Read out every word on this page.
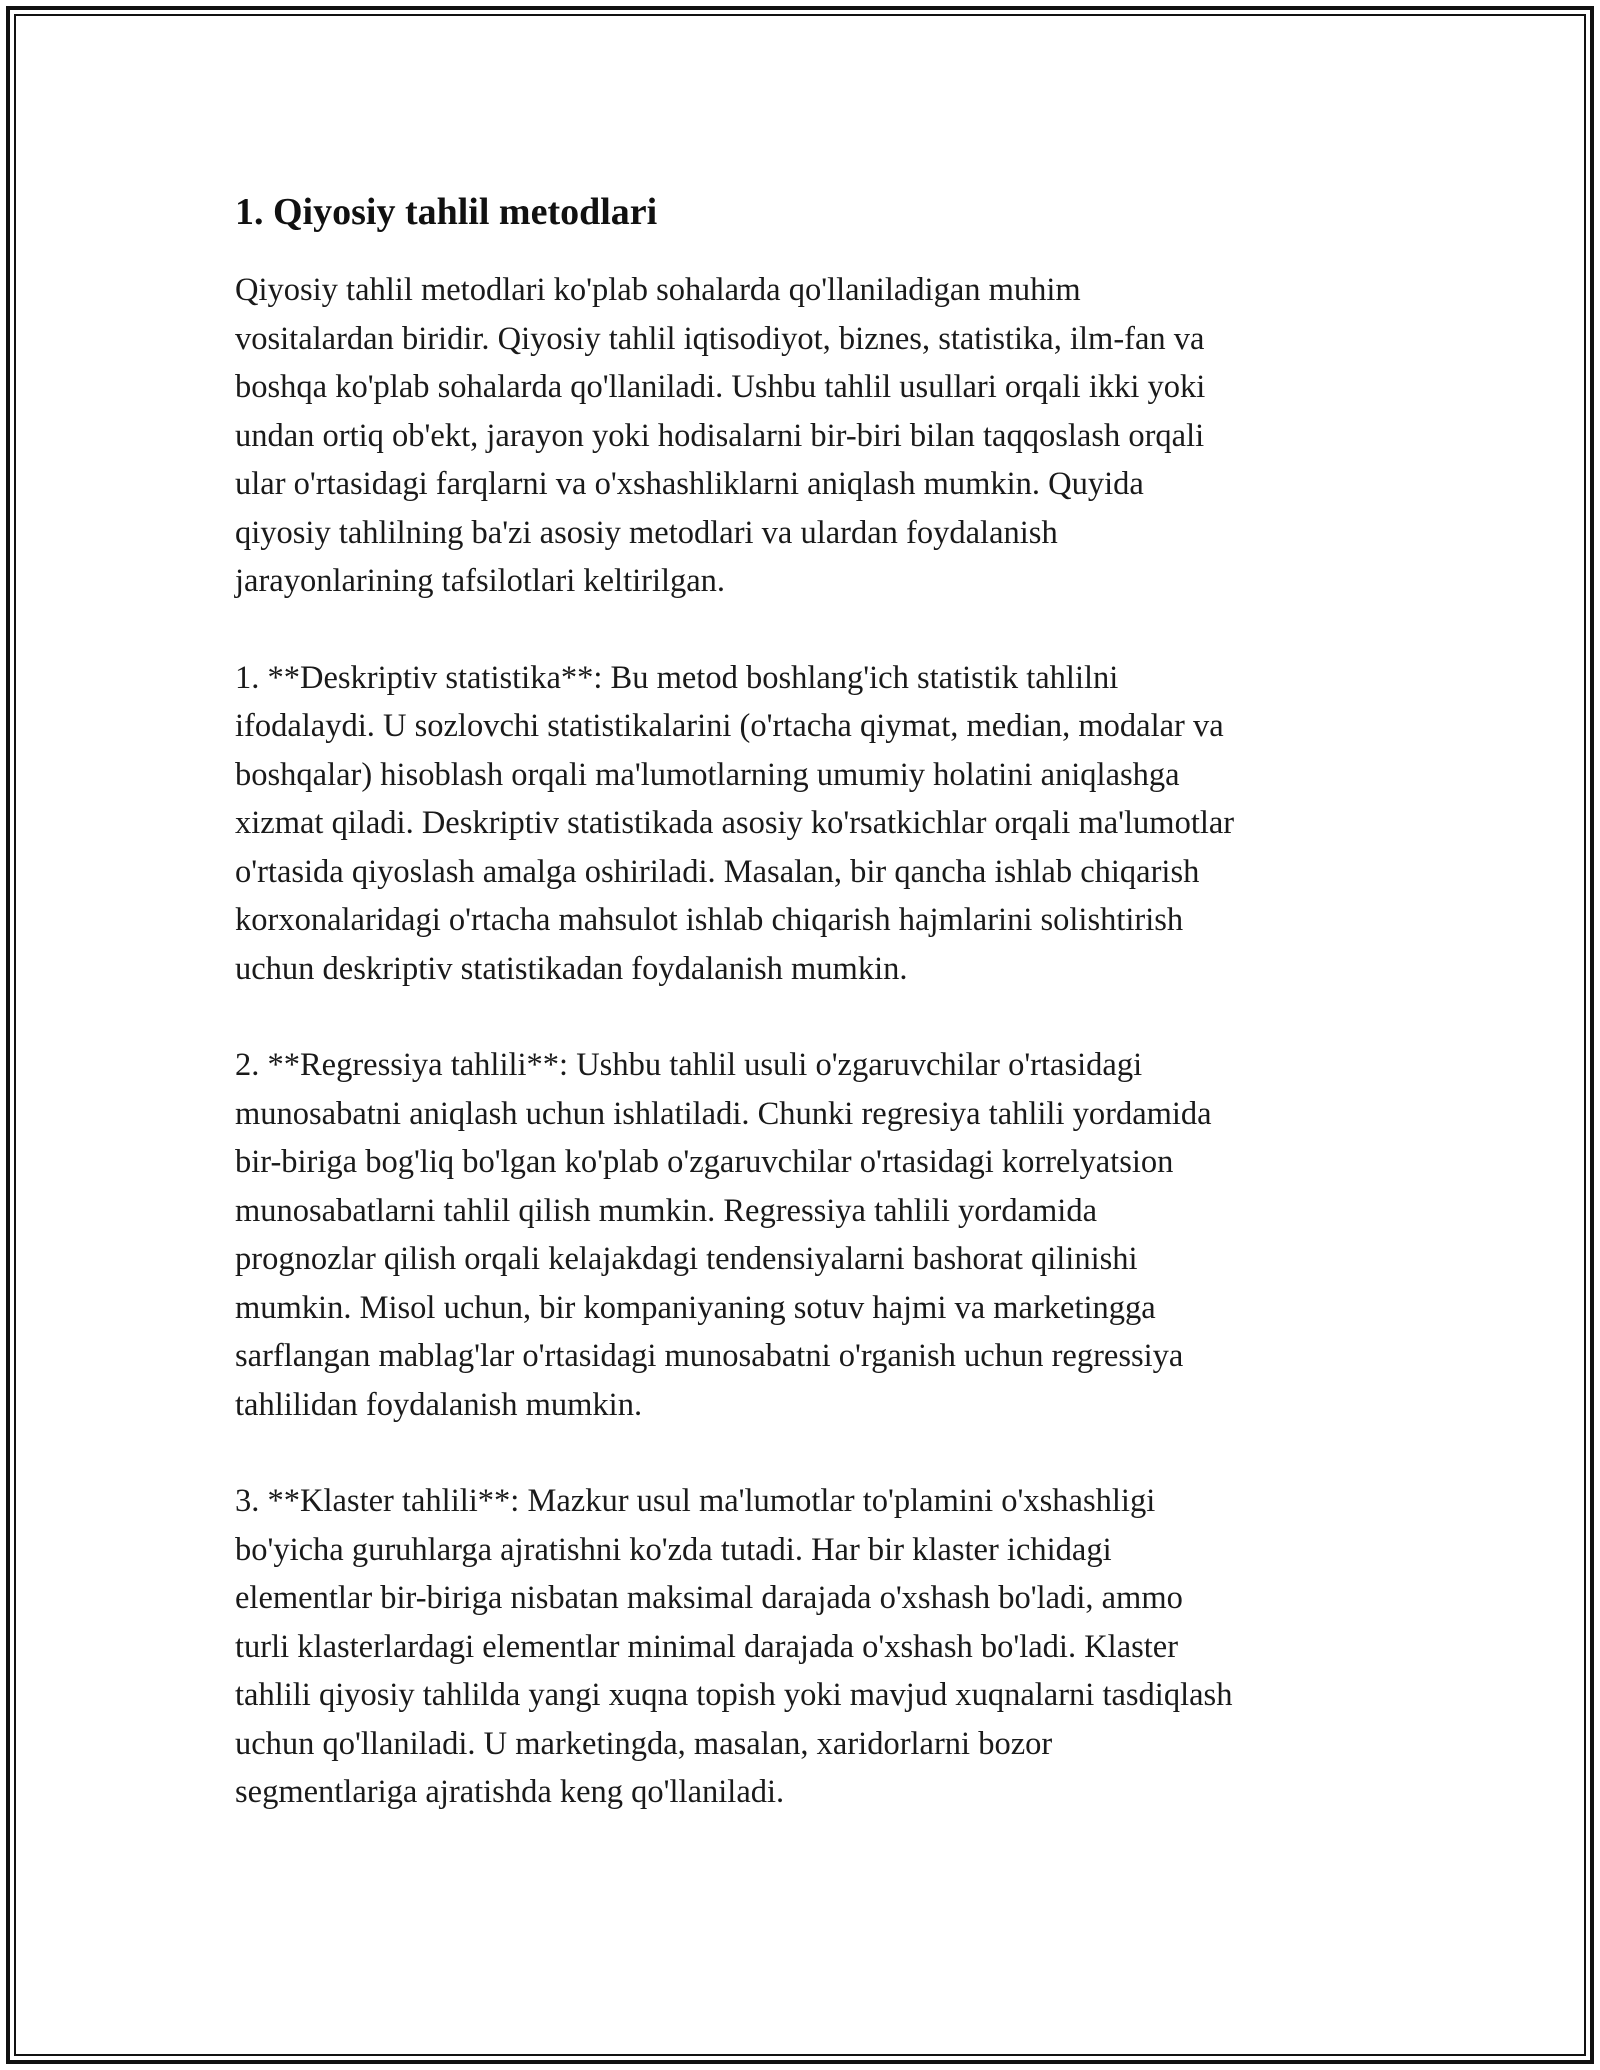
1. Qiyosiy tahlil metodlari

Qiyosiy tahlil metodlari ko'plab sohalarda qo'llaniladigan muhim
vositalardan biridir. Qiyosiy tahlil iqtisodiyot, biznes, statistika, ilm-fan va
boshqa ko'plab sohalarda qo'llaniladi. Ushbu tahlil usullari orqali ikki yoki
undan ortiq ob'ekt, jarayon yoki hodisalarni bir-biri bilan taqqoslash orqali
ular o'rtasidagi farqlarni va o'xshashliklarni aniqlash mumkin. Quyida
qiyosiy tahlilning ba'zi asosiy metodlari va ulardan foydalanish
jarayonlarining tafsilotlari keltirilgan.

1. **Deskriptiv statistika**: Bu metod boshlang'ich statistik tahlilni
ifodalaydi. U sozlovchi statistikalarini (o'rtacha qiymat, median, modalar va
boshqalar) hisoblash orqali ma'lumotlarning umumiy holatini aniqlashga
xizmat qiladi. Deskriptiv statistikada asosiy ko'rsatkichlar orqali ma'lumotlar
o'rtasida qiyoslash amalga oshiriladi. Masalan, bir qancha ishlab chiqarish
korxonalaridagi o'rtacha mahsulot ishlab chiqarish hajmlarini solishtirish
uchun deskriptiv statistikadan foydalanish mumkin.

2. **Regressiya tahlili**: Ushbu tahlil usuli o'zgaruvchilar o'rtasidagi
munosabatni aniqlash uchun ishlatiladi. Chunki regresiya tahlili yordamida
bir-biriga bog'liq bo'lgan ko'plab o'zgaruvchilar o'rtasidagi korrelyatsion
munosabatlarni tahlil qilish mumkin. Regressiya tahlili yordamida
prognozlar qilish orqali kelajakdagi tendensiyalarni bashorat qilinishi
mumkin. Misol uchun, bir kompaniyaning sotuv hajmi va marketingga
sarflangan mablag'lar o'rtasidagi munosabatni o'rganish uchun regressiya
tahlilidan foydalanish mumkin.

3. **Klaster tahlili**: Mazkur usul ma'lumotlar to'plamini o'xshashligi
bo'yicha guruhlarga ajratishni ko'zda tutadi. Har bir klaster ichidagi
elementlar bir-biriga nisbatan maksimal darajada o'xshash bo'ladi, ammo
turli klasterlardagi elementlar minimal darajada o'xshash bo'ladi. Klaster
tahlili qiyosiy tahlilda yangi xuqna topish yoki mavjud xuqnalarni tasdiqlash
uchun qo'llaniladi. U marketingda, masalan, xaridorlarni bozor
segmentlariga ajratishda keng qo'llaniladi.
